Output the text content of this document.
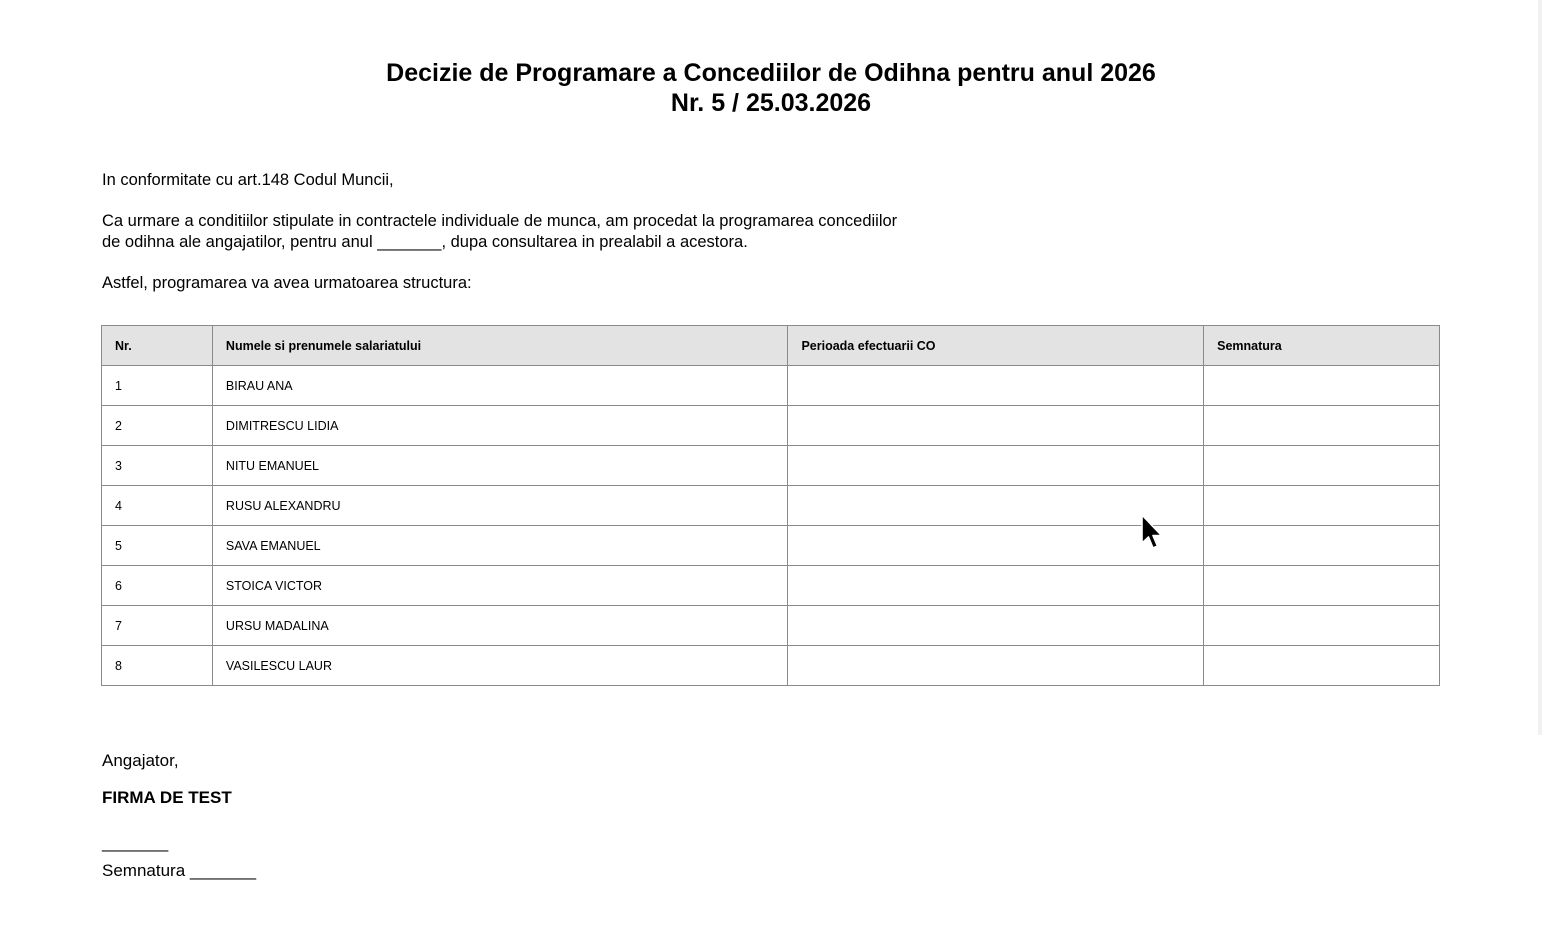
Decizie de Programare a Concediilor de Odihna pentru anul 2026
Nr. 5 / 25.03.2026
In conformitate cu art.148 Codul Muncii,
Ca urmare a conditiilor stipulate in contractele individuale de munca, am procedat la programarea concediilor
de odihna ale angajatilor, pentru anul _______, dupa consultarea in prealabil a acestora.
Astfel, programarea va avea urmatoarea structura:
Nr.	Numele si prenumele salariatului	Perioada efectuarii CO	Semnatura
1	BIRAU ANA		
2	DIMITRESCU LIDIA		
3	NITU EMANUEL		
4	RUSU ALEXANDRU		
5	SAVA EMANUEL		
6	STOICA VICTOR		
7	URSU MADALINA		
8	VASILESCU LAUR		
Angajator,
FIRMA DE TEST
_______
Semnatura _______
